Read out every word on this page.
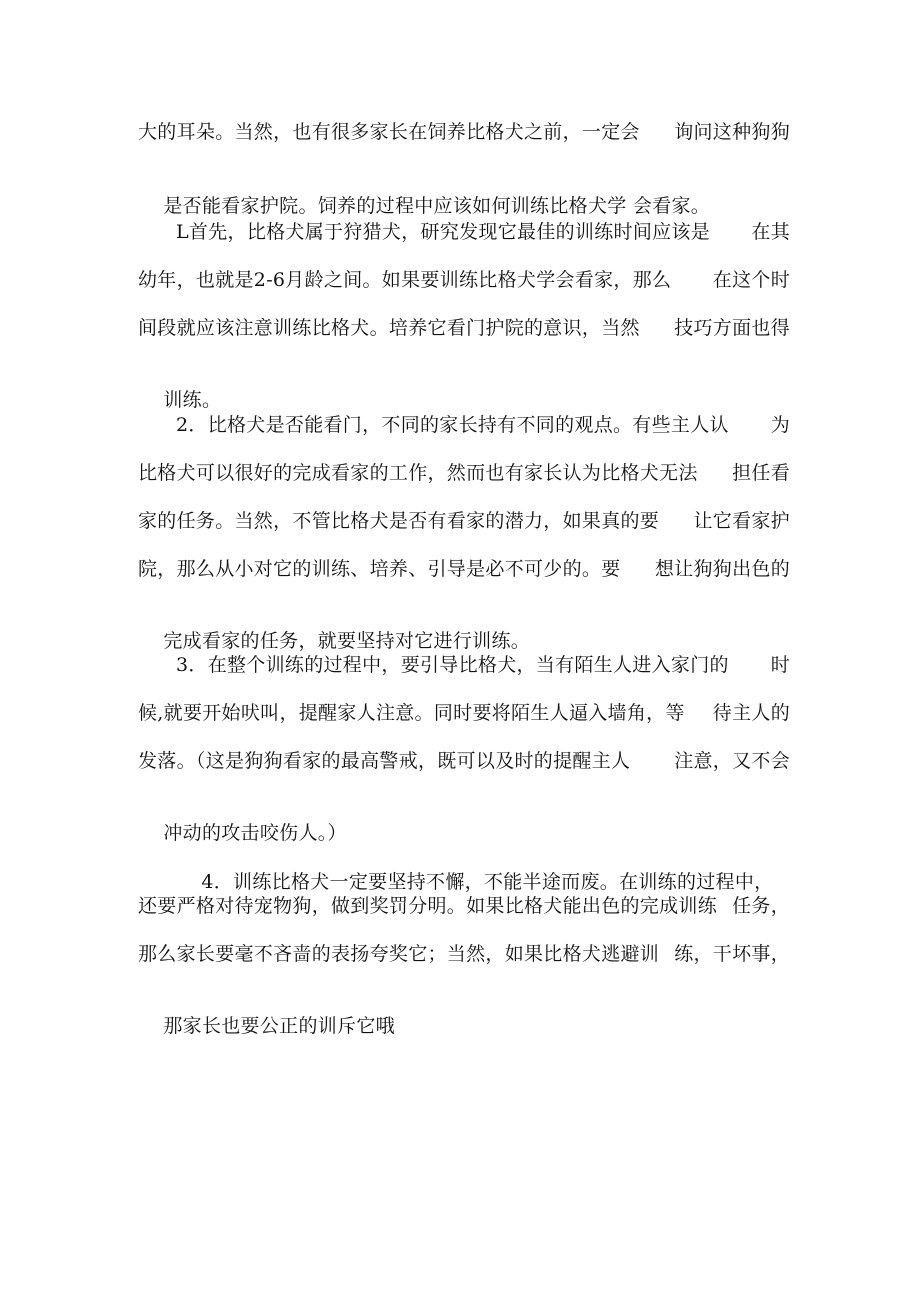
大的耳朵。当然，也有很多家长在饲养比格犬之前，一定会 询问这种狗狗

是否能看家护院。饲养的过程中应该如何训练比格犬学 会看家。

L首先，比格犬属于狩猎犬，研究发现它最佳的训练时间应该是 在其
幼年，也就是2-6月龄之间。如果要训练比格犬学会看家，那么 在这个时
间段就应该注意训练比格犬。培养它看门护院的意识，当然 技巧方面也得

训练。

2．比格犬是否能看门，不同的家长持有不同的观点。有些主人认 为
比格犬可以很好的完成看家的工作，然而也有家长认为比格犬无法 担任看
家的任务。当然，不管比格犬是否有看家的潜力，如果真的要 让它看家护
院，那么从小对它的训练、培养、引导是必不可少的。要 想让狗狗出色的

完成看家的任务，就要坚持对它进行训练。

3．在整个训练的过程中，要引导比格犬，当有陌生人进入家门的 时
候,就要开始吠叫，提醒家人注意。同时要将陌生人逼入墙角，等 待主人的
发落。（这是狗狗看家的最高警戒，既可以及时的提醒主人 注意，又不会

冲动的攻击咬伤人。）

4．训练比格犬一定要坚持不懈，不能半途而废。在训练的过程中，

还要严格对待宠物狗，做到奖罚分明。如果比格犬能出色的完成训练 任务，
那么家长要毫不吝啬的表扬夸奖它；当然，如果比格犬逃避训 练，干坏事，

那家长也要公正的训斥它哦
